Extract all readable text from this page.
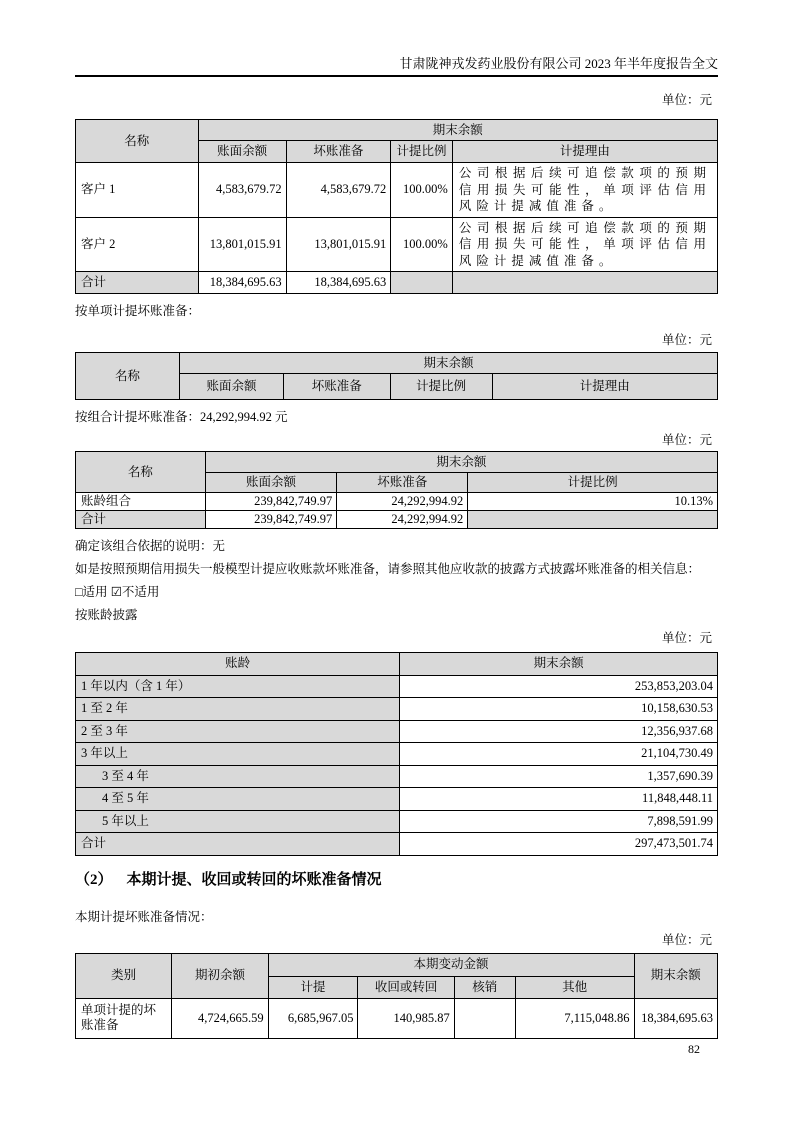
甘肃陇神戎发药业股份有限公司 2023 年半年度报告全文
单位：元
名称	期末余额			
	账面余额	坏账准备	计提比例	计提理由
客户 1	4,583,679.72	4,583,679.72	100.00%	公司根据后续可追偿款项的预期信用损失可能性，单项评估信用风险计提减值准备。
客户 2	13,801,015.91	13,801,015.91	100.00%	公司根据后续可追偿款项的预期信用损失可能性，单项评估信用风险计提减值准备。
合计	18,384,695.63	18,384,695.63		
按单项计提坏账准备：
单位：元
名称	期末余额			
	账面余额	坏账准备	计提比例	计提理由
按组合计提坏账准备：24,292,994.92 元
单位：元
名称	期末余额		
	账面余额	坏账准备	计提比例
账龄组合	239,842,749.97	24,292,994.92	10.13%
合计	239,842,749.97	24,292,994.92	
确定该组合依据的说明：无
如是按照预期信用损失一般模型计提应收账款坏账准备，请参照其他应收款的披露方式披露坏账准备的相关信息：
□适用 ☑不适用
按账龄披露
单位：元
账龄	期末余额
1 年以内（含 1 年）	253,853,203.04
1 至 2 年	10,158,630.53
2 至 3 年	12,356,937.68
3 年以上	21,104,730.49
3 至 4 年	1,357,690.39
4 至 5 年	11,848,448.11
5 年以上	7,898,591.99
合计	297,473,501.74
（2） 本期计提、收回或转回的坏账准备情况
本期计提坏账准备情况：
单位：元
类别	期初余额	本期变动金额				期末余额
		计提	收回或转回	核销	其他	
单项计提的坏账准备	4,724,665.59	6,685,967.05	140,985.87		7,115,048.86	18,384,695.63
82
